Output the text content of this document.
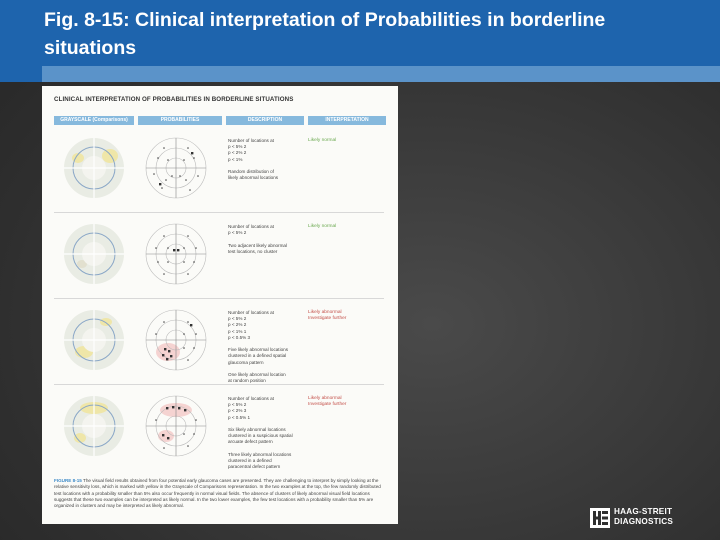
Fig. 8-15: Clinical interpretation of Probabilities in borderline situations
CLINICAL INTERPRETATION OF PROBABILITIES IN BORDERLINE SITUATIONS
GRAYSCALE (Comparisons)	PROBABILITIES	DESCRIPTION	INTERPRETATION
Number of locations at
p < 5% 2
p < 2% 2
p < 1%

Random distribution of
likely abnormal locations
Likely normal
Number of locations at
p < 5% 2

Two adjacent likely abnormal
test locations, no cluster
Likely normal
Number of locations at
p < 5% 2
p < 2% 2
p < 1% 1
p < 0.5% 3

Five likely abnormal locations
clustered in a defined spatial
glaucoma pattern

One likely abnormal location
at random position
Likely abnormal
Investigate further
Number of locations at
p < 5% 2
p < 2% 3
p < 0.5% 1

Six likely abnormal locations
clustered in a suspicious spatial
arcuate defect pattern

Three likely abnormal locations
clustered in a defined
paracentral defect pattern
Likely abnormal
Investigate further
FIGURE 8-15 The visual field results obtained from four potential early glaucoma cases are presented. They are challenging to interpret by simply looking at the relative sensitivity loss, which is marked with yellow in the Grayscale of Comparisons representation. In the two examples at the top, the few randomly distributed test locations with a probability smaller than 5% also occur frequently in normal visual fields. The absence of clusters of likely abnormal visual field locations suggests that these two examples can be interpreted as likely normal. In the two lower examples, the few test locations with a probability smaller than 5% are organized in clusters and may be interpreted as likely abnormal.
HAAG-STREIT
DIAGNOSTICS
